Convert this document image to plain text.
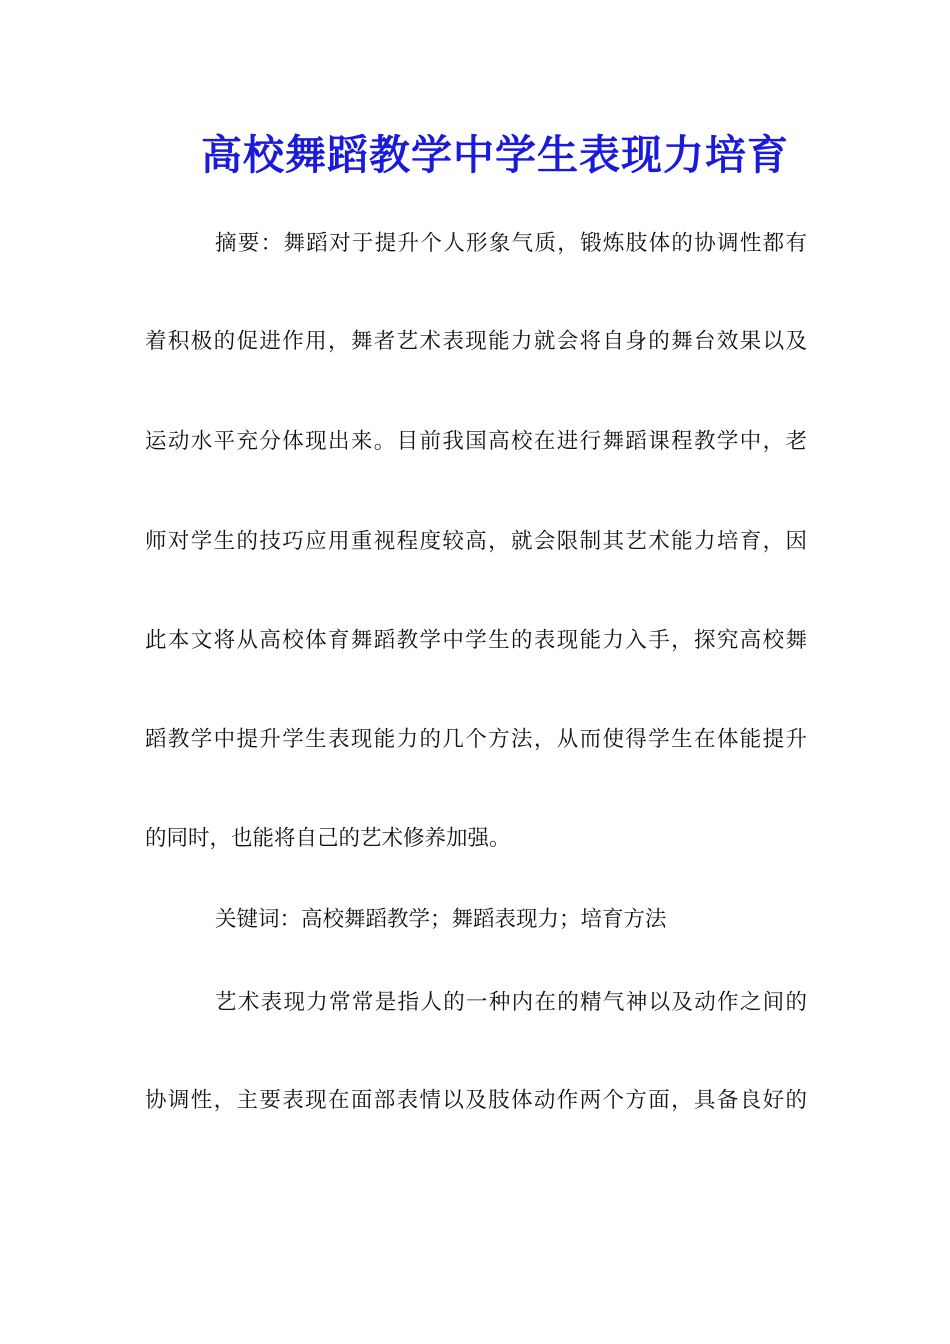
高校舞蹈教学中学生表现力培育
摘要：舞蹈对于提升个人形象气质，锻炼肢体的协调性都有
着积极的促进作用，舞者艺术表现能力就会将自身的舞台效果以及
运动水平充分体现出来。目前我国高校在进行舞蹈课程教学中，老
师对学生的技巧应用重视程度较高，就会限制其艺术能力培育，因
此本文将从高校体育舞蹈教学中学生的表现能力入手，探究高校舞
蹈教学中提升学生表现能力的几个方法，从而使得学生在体能提升
的同时，也能将自己的艺术修养加强。
关键词：高校舞蹈教学；舞蹈表现力；培育方法
艺术表现力常常是指人的一种内在的精气神以及动作之间的
协调性，主要表现在面部表情以及肢体动作两个方面，具备良好的
